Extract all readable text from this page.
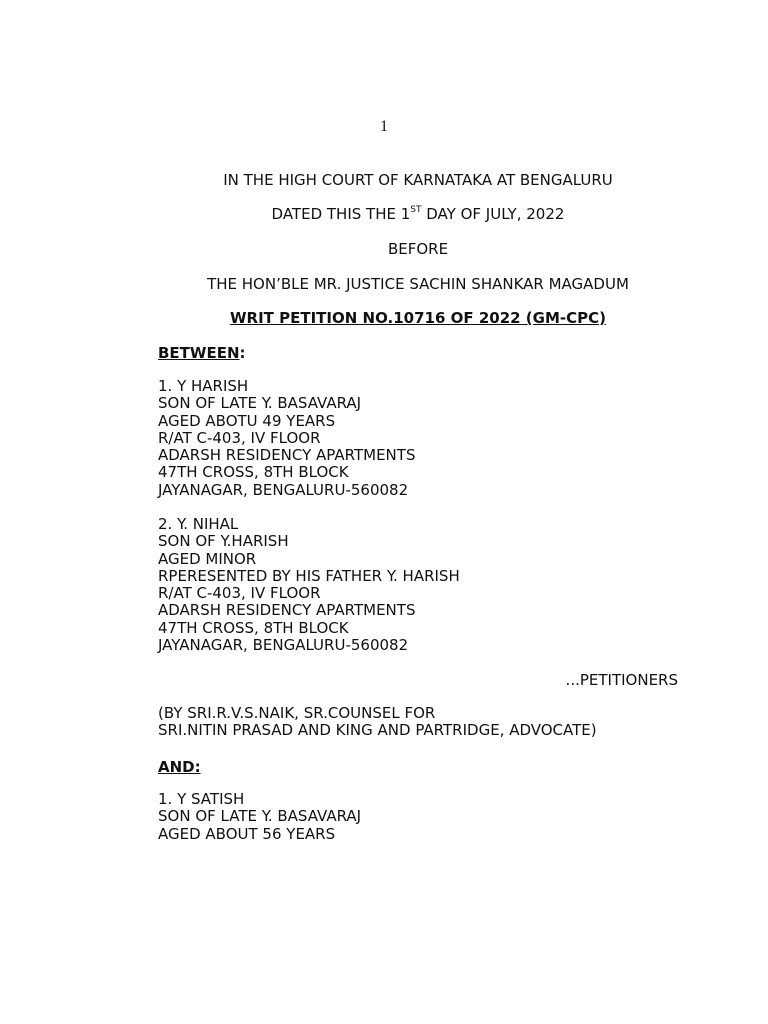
1
IN THE HIGH COURT OF KARNATAKA AT BENGALURU
DATED THIS THE 1ST DAY OF JULY, 2022
BEFORE
THE HON’BLE MR. JUSTICE SACHIN SHANKAR MAGADUM
WRIT PETITION NO.10716 OF 2022 (GM-CPC)
BETWEEN:
1. Y HARISH
SON OF LATE Y. BASAVARAJ
AGED ABOTU 49 YEARS
R/AT C-403, IV FLOOR
ADARSH RESIDENCY APARTMENTS
47TH CROSS, 8TH BLOCK
JAYANAGAR, BENGALURU-560082
2. Y. NIHAL
SON OF Y.HARISH
AGED MINOR
RPERESENTED BY HIS FATHER Y. HARISH
R/AT C-403, IV FLOOR
ADARSH RESIDENCY APARTMENTS
47TH CROSS, 8TH BLOCK
JAYANAGAR, BENGALURU-560082
...PETITIONERS
(BY SRI.R.V.S.NAIK, SR.COUNSEL FOR
SRI.NITIN PRASAD AND KING AND PARTRIDGE, ADVOCATE)
AND:
1. Y SATISH
SON OF LATE Y. BASAVARAJ
AGED ABOUT 56 YEARS
